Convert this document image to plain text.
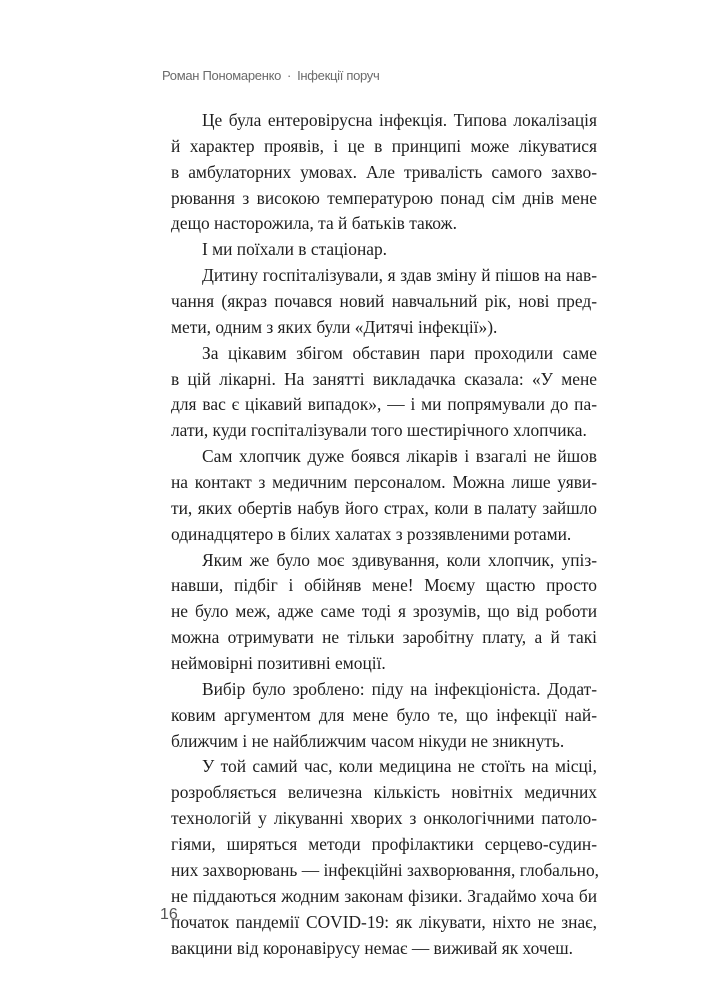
Роман Пономаренко · Інфекції поруч
Це була ентеровірусна інфекція. Типова локалізація
й характер проявів, і це в принципі може лікуватися
в амбулаторних умовах. Але тривалість самого захво-
рювання з високою температурою понад сім днів мене
дещо насторожила, та й батьків також.
І ми поїхали в стаціонар.
Дитину госпіталізували, я здав зміну й пішов на нав-
чання (якраз почався новий навчальний рік, нові пред-
мети, одним з яких були «Дитячі інфекції»).
За цікавим збігом обставин пари проходили саме
в цій лікарні. На занятті викладачка сказала: «У мене
для вас є цікавий випадок», — і ми попрямували до па-
лати, куди госпіталізували того шестирічного хлопчика.
Сам хлопчик дуже боявся лікарів і взагалі не йшов
на контакт з медичним персоналом. Можна лише уяви-
ти, яких обертів набув його страх, коли в палату зайшло
одинадцятеро в білих халатах з роззявленими ротами.
Яким же було моє здивування, коли хлопчик, упіз-
навши, підбіг і обійняв мене! Моєму щастю просто
не було меж, адже саме тоді я зрозумів, що від роботи
можна отримувати не тільки заробітну плату, а й такі
неймовірні позитивні емоції.
Вибір було зроблено: піду на інфекціоніста. Додат-
ковим аргументом для мене було те, що інфекції най-
ближчим і не найближчим часом нікуди не зникнуть.
У той самий час, коли медицина не стоїть на місці,
розробляється величезна кількість новітніх медичних
технологій у лікуванні хворих з онкологічними патоло-
гіями, ширяться методи профілактики серцево-судин-
них захворювань — інфекційні захворювання, глобально,
не піддаються жодним законам фізики. Згадаймо хоча би
початок пандемії COVID-19: як лікувати, ніхто не знає,
вакцини від коронавірусу немає — виживай як хочеш.
16
